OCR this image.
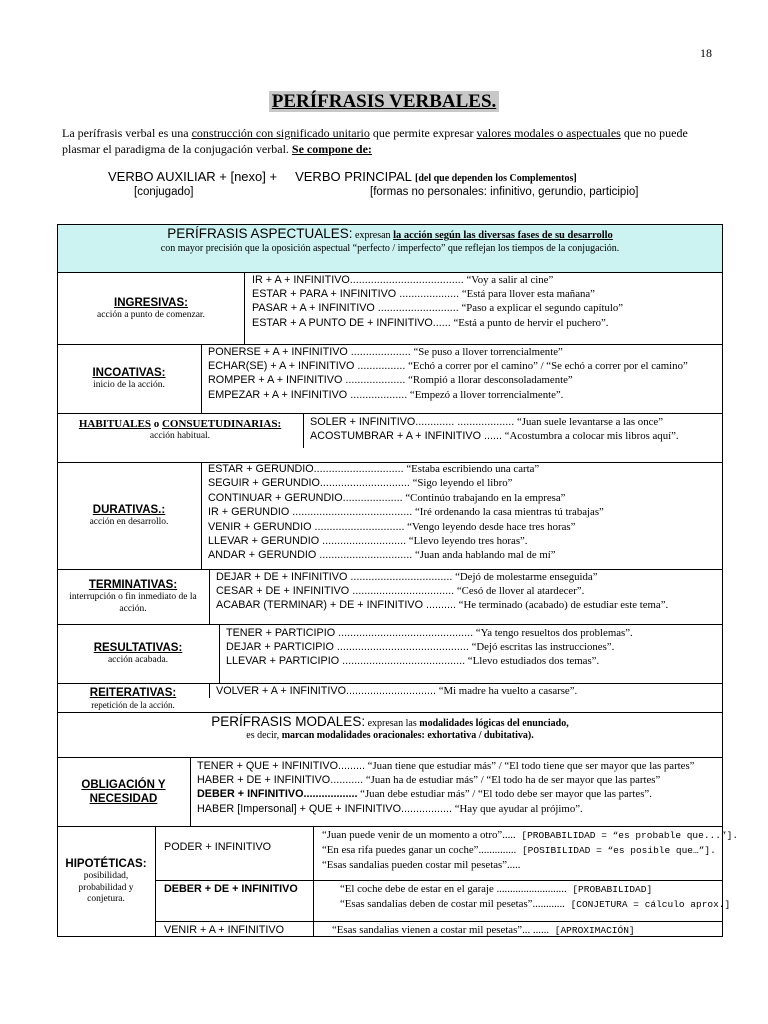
18
PERÍFRASIS VERBALES.
La perífrasis verbal es una construcción con significado unitario que permite expresar valores modales o aspectuales que no puede plasmar el paradigma de la conjugación verbal. Se compone de:
VERBO AUXILIAR + [nexo] + VERBO PRINCIPAL [del que dependen los Complementos]
[conjugado]	[formas no personales: infinitivo, gerundio, participio]
PERÍFRASIS ASPECTUALES: expresan la acción según las diversas fases de su desarrollo
con mayor precisión que la oposición aspectual “perfecto / imperfecto” que reflejan los tiempos de la conjugación.
INGRESIVAS:
acción a punto de comenzar.
IR + A + INFINITIVO...................................... “Voy a salir al cine”
ESTAR + PARA + INFINITIVO .................... “Está para llover esta mañana”
PASAR + A + INFINITIVO ........................... “Paso a explicar el segundo capítulo”
ESTAR + A PUNTO DE + INFINITIVO...... “Está a punto de hervir el puchero”.
INCOATIVAS:
inicio de la acción.
PONERSE + A + INFINITIVO .................... “Se puso a llover torrencialmente”
ECHAR(SE) + A + INFINITIVO ................ “Echó a correr por el camino” / “Se echó a correr por el camino”
ROMPER + A + INFINITIVO .................... “Rompió a llorar desconsoladamente”
EMPEZAR + A + INFINITIVO ................... “Empezó a llover torrencialmente”.
HABITUALES o CONSUETUDINARIAS:
acción habitual.
SOLER + INFINITIVO............. ................... “Juan suele levantarse a las once”
ACOSTUMBRAR + A + INFINITIVO ...... “Acostumbra a colocar mis libros aquí”.
DURATIVAS.:
acción en desarrollo.
ESTAR + GERUNDIO.............................. “Estaba escribiendo una carta”
SEGUIR + GERUNDIO.............................. “Sigo leyendo el libro”
CONTINUAR + GERUNDIO.................... “Continúo trabajando en la empresa”
IR + GERUNDIO ........................................ “Iré ordenando la casa mientras tú trabajas”
VENIR + GERUNDIO .............................. “Vengo leyendo desde hace tres horas”
LLEVAR + GERUNDIO ............................ “Llevo leyendo tres horas”.
ANDAR + GERUNDIO ............................... “Juan anda hablando mal de mí”
TERMINATIVAS:
interrupción o fin inmediato de la acción.
DEJAR + DE + INFINITIVO .................................. “Dejó de molestarme enseguida”
CESAR + DE + INFINITIVO .................................. “Cesó de llover al atardecer”.
ACABAR (TERMINAR) + DE + INFINITIVO .......... “He terminado (acabado) de estudiar este tema”.
RESULTATIVAS:
acción acabada.
TENER + PARTICIPIO ............................................. “Ya tengo resueltos dos problemas”.
DEJAR + PARTICIPIO ............................................ “Dejó escritas las instrucciones”.
LLEVAR + PARTICIPIO ......................................... “Llevo estudiados dos temas”.
REITERATIVAS:
repetición de la acción.
VOLVER + A + INFINITIVO.............................. “Mi madre ha vuelto a casarse”.
PERÍFRASIS MODALES: expresan las modalidades lógicas del enunciado,
es decir, marcan modalidades oracionales: exhortativa / dubitativa).
OBLIGACIÓN Y
NECESIDAD
TENER + QUE + INFINITIVO......... “Juan tiene que estudiar más” / “El todo tiene que ser mayor que las partes”
HABER + DE + INFINITIVO........... “Juan ha de estudiar más” / “El todo ha de ser mayor que las partes”
DEBER + INFINITIVO.................. “Juan debe estudiar más” / “El todo debe ser mayor que las partes”.
HABER [Impersonal] + QUE + INFINITIVO................. “Hay que ayudar al prójimo”.
HIPOTÉTICAS:
posibilidad, probabilidad y conjetura.
PODER + INFINITIVO
DEBER + DE + INFINITIVO
VENIR + A + INFINITIVO
“Juan puede venir de un momento a otro”..... [PROBABILIDAD = “es probable que...”].
“En esa rifa puedes ganar un coche”.............. [POSIBILIDAD = “es posible que…”].
“Esas sandalias pueden costar mil pesetas”.....
“El coche debe de estar en el garaje .......................... [PROBABILIDAD]
“Esas sandalias deben de costar mil pesetas”............ [CONJETURA = cálculo aprox.]
“Esas sandalias vienen a costar mil pesetas”... ...... [APROXIMACIÓN]
